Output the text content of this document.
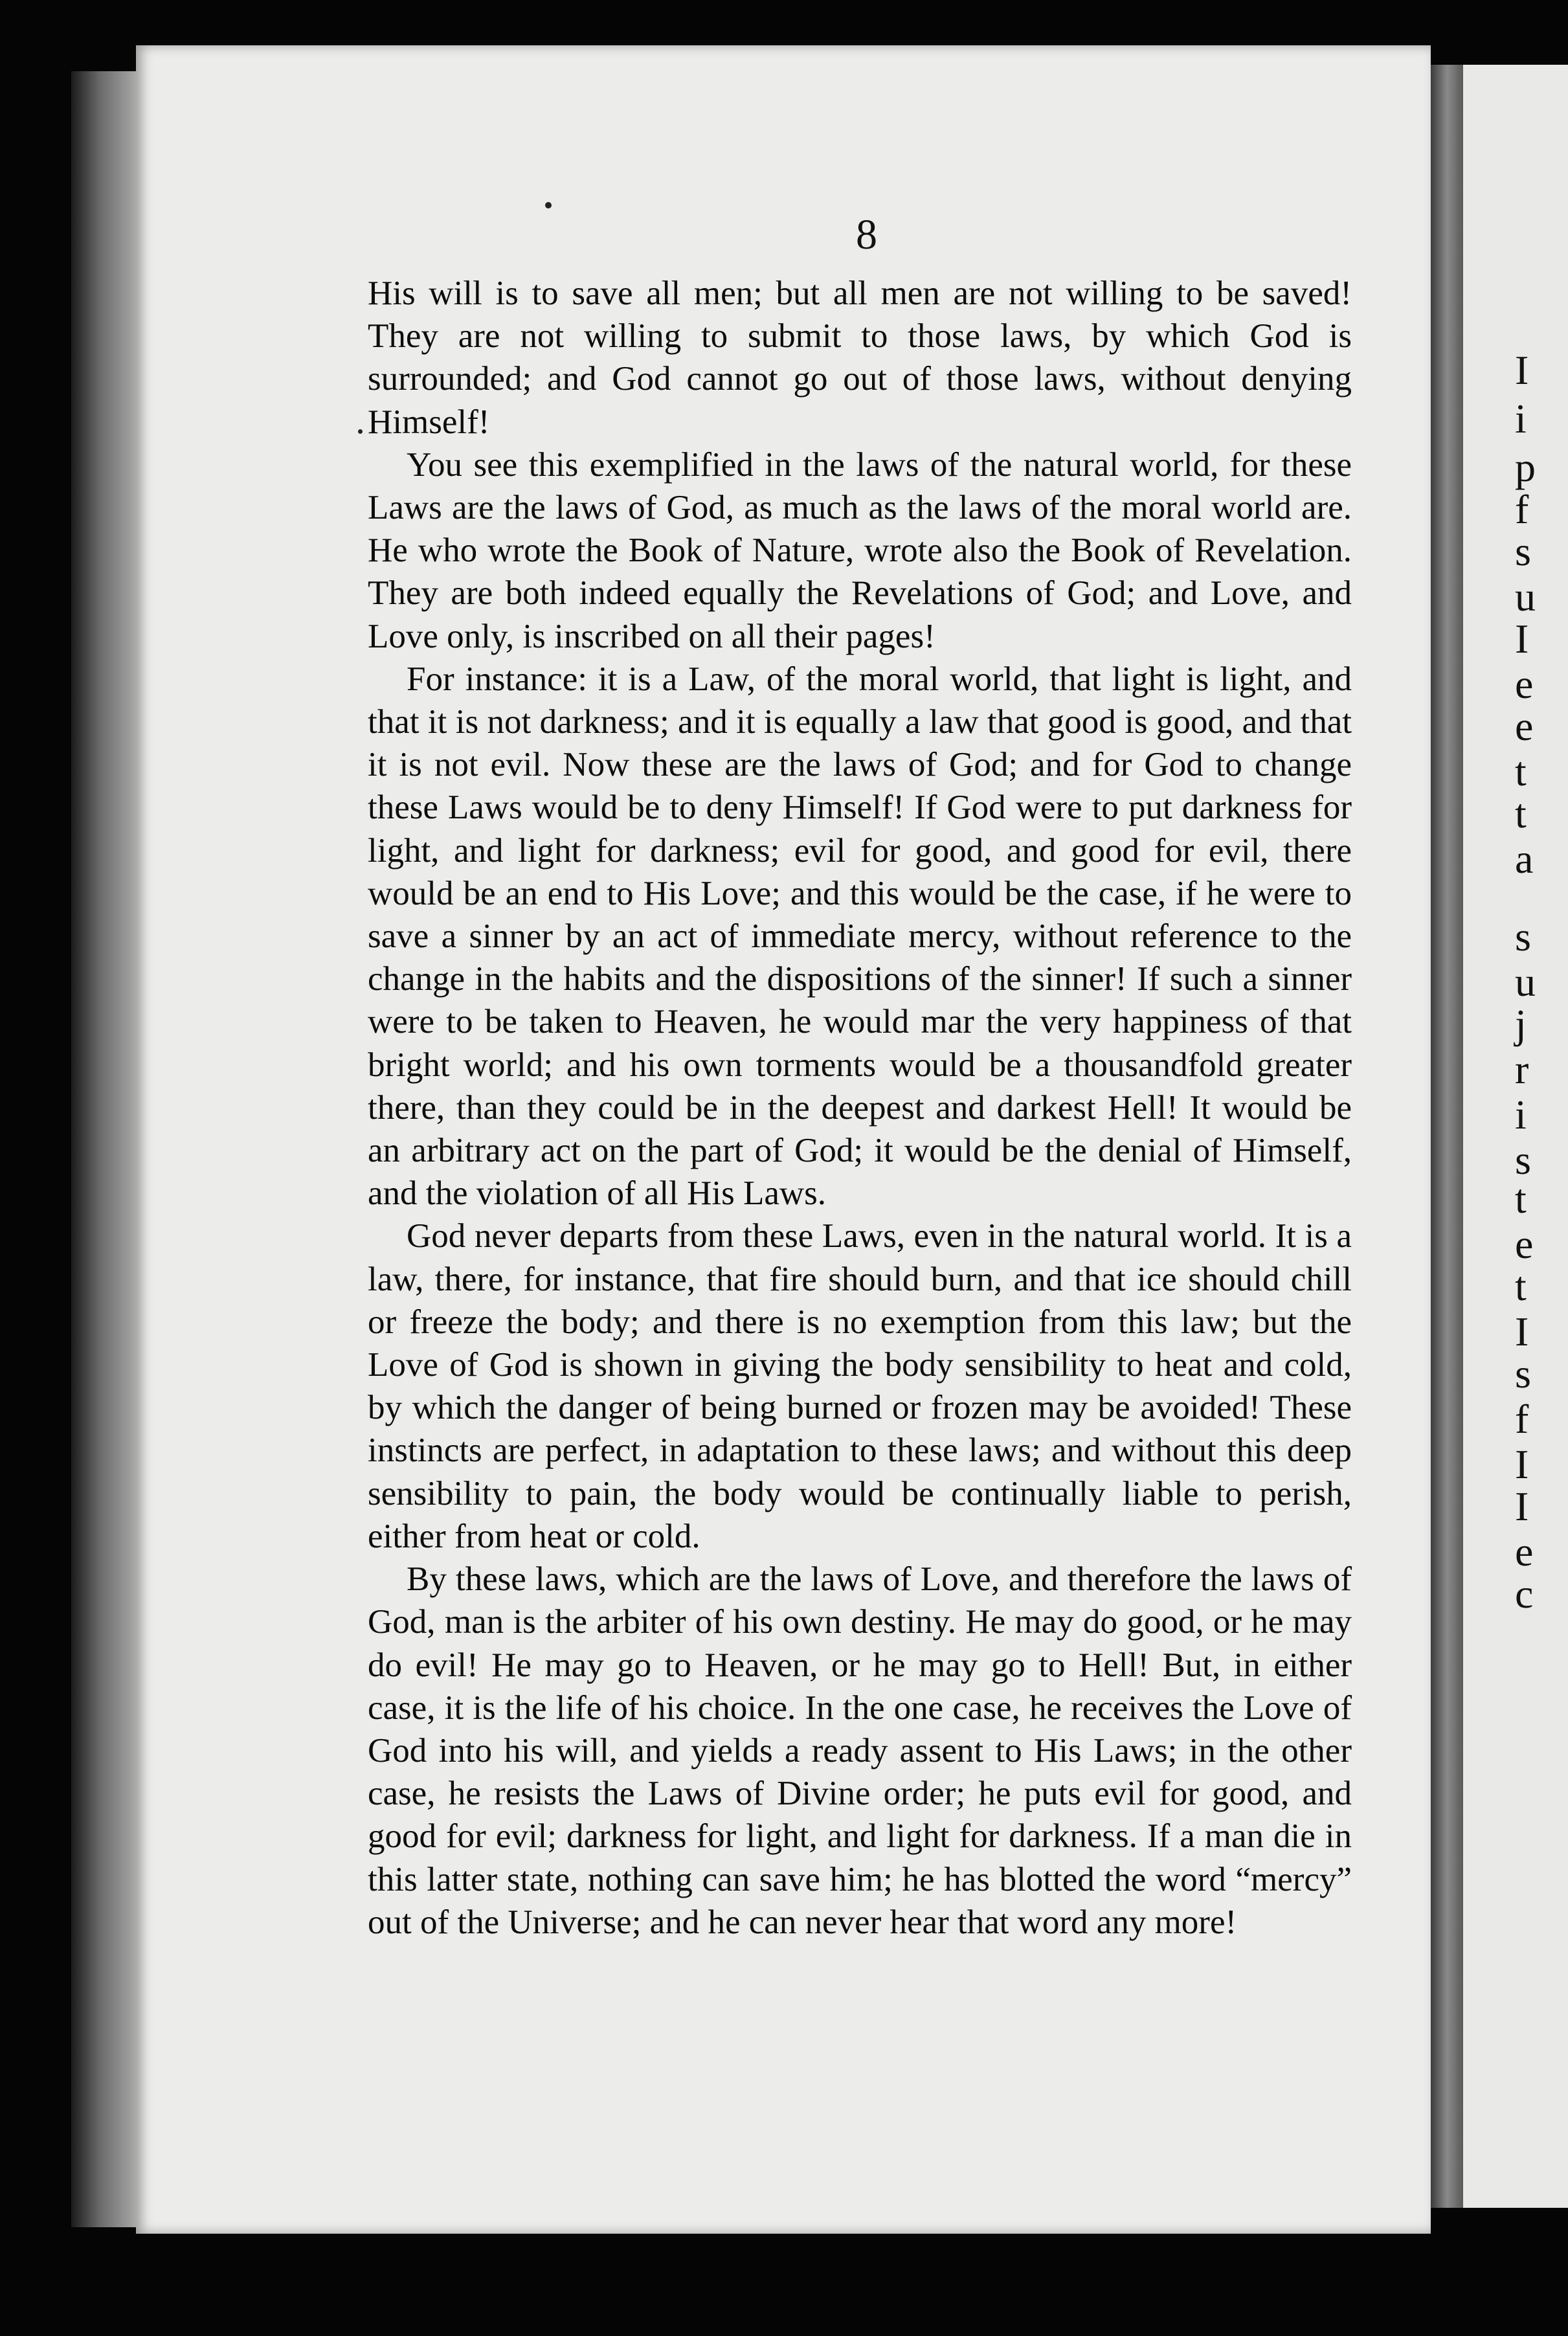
8

His will is to save all men; but all men are not willing to be saved! They are not willing to submit to those laws, by which God is surrounded; and God cannot go out of those laws, without denying Himself!

You see this exemplified in the laws of the natural world, for these Laws are the laws of God, as much as the laws of the moral world are. He who wrote the Book of Nature, wrote also the Book of Revelation. They are both indeed equally the Revelations of God; and Love, and Love only, is inscribed on all their pages!

For instance: it is a Law, of the moral world, that light is light, and that it is not darkness; and it is equally a law that good is good, and that it is not evil. Now these are the laws of God; and for God to change these Laws would be to deny Himself! If God were to put darkness for light, and light for darkness; evil for good, and good for evil, there would be an end to His Love; and this would be the case, if he were to save a sinner by an act of immediate mercy, without reference to the change in the habits and the dispositions of the sinner! If such a sinner were to be taken to Heaven, he would mar the very happiness of that bright world; and his own torments would be a thousandfold greater there, than they could be in the deepest and darkest Hell! It would be an arbitrary act on the part of God; it would be the denial of Himself, and the violation of all His Laws.

God never departs from these Laws, even in the natural world. It is a law, there, for instance, that fire should burn, and that ice should chill or freeze the body; and there is no exemption from this law; but the Love of God is shown in giving the body sensibility to heat and cold, by which the danger of being burned or frozen may be avoided! These instincts are perfect, in adaptation to these laws; and without this deep sensibility to pain, the body would be continually liable to perish, either from heat or cold.

By these laws, which are the laws of Love, and therefore the laws of God, man is the arbiter of his own destiny. He may do good, or he may do evil! He may go to Heaven, or he may go to Hell! But, in either case, it is the life of his choice. In the one case, he receives the Love of God into his will, and yields a ready assent to His Laws; in the other case, he resists the Laws of Divine order; he puts evil for good, and good for evil; darkness for light, and light for darkness. If a man die in this latter state, nothing can save him; he has blotted the word “mercy” out of the Universe; and he can never hear that word any more!

I
i
p
f
s
u
I
e
e
t
t
a
s
u
j
r
i
s
t
e
t
I
s
f
I
I
e
c
